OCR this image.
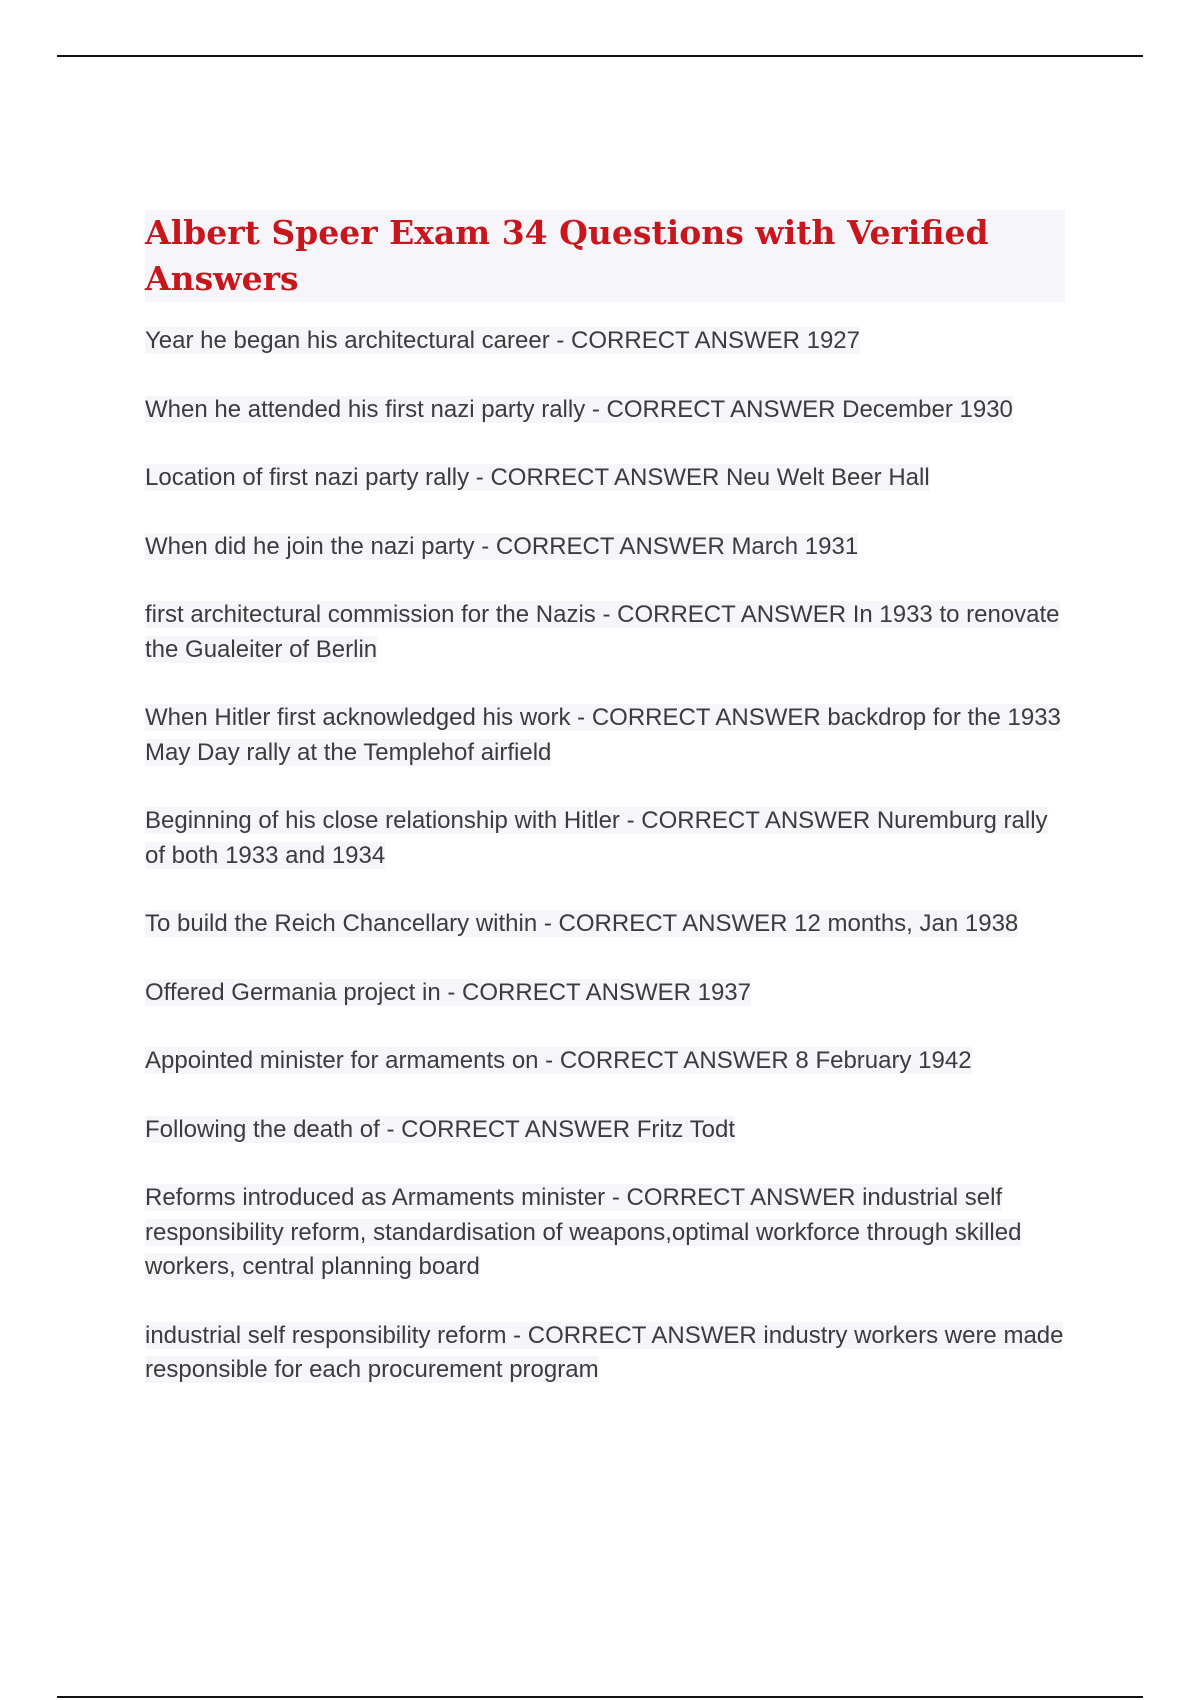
Albert Speer Exam 34 Questions with Verified Answers
Year he began his architectural career - CORRECT ANSWER 1927
When he attended his first nazi party rally - CORRECT ANSWER December 1930
Location of first nazi party rally - CORRECT ANSWER Neu Welt Beer Hall
When did he join the nazi party - CORRECT ANSWER March 1931
first architectural commission for the Nazis - CORRECT ANSWER In 1933 to renovate the Gualeiter of Berlin
When Hitler first acknowledged his work - CORRECT ANSWER backdrop for the 1933 May Day rally at the Templehof airfield
Beginning of his close relationship with Hitler - CORRECT ANSWER Nuremburg rally of both 1933 and 1934
To build the Reich Chancellary within - CORRECT ANSWER 12 months, Jan 1938
Offered Germania project in - CORRECT ANSWER 1937
Appointed minister for armaments on - CORRECT ANSWER 8 February 1942
Following the death of - CORRECT ANSWER Fritz Todt
Reforms introduced as Armaments minister - CORRECT ANSWER industrial self responsibility reform, standardisation of weapons,optimal workforce through skilled workers, central planning board
industrial self responsibility reform - CORRECT ANSWER industry workers were made responsible for each procurement program
